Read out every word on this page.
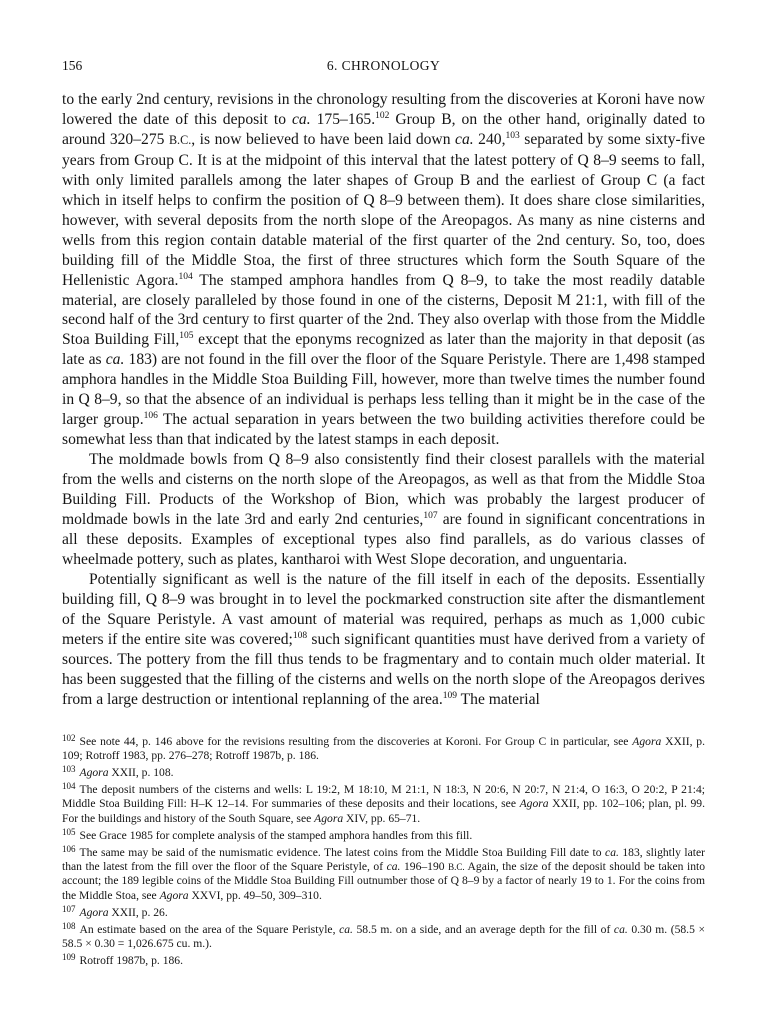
156	6. CHRONOLOGY

to the early 2nd century, revisions in the chronology resulting from the discoveries at Koroni have now lowered the date of this deposit to ca. 175–165.$^{102}$ Group B, on the other hand, originally dated to around 320–275 B.C., is now believed to have been laid down ca. 240,$^{103}$ separated by some sixty-five years from Group C. It is at the midpoint of this interval that the latest pottery of Q 8–9 seems to fall, with only limited parallels among the later shapes of Group B and the earliest of Group C (a fact which in itself helps to confirm the position of Q 8–9 between them). It does share close similarities, however, with several deposits from the north slope of the Areopagos. As many as nine cisterns and wells from this region contain datable material of the first quarter of the 2nd century. So, too, does building fill of the Middle Stoa, the first of three structures which form the South Square of the Hellenistic Agora.$^{104}$ The stamped amphora handles from Q 8–9, to take the most readily datable material, are closely paralleled by those found in one of the cisterns, Deposit M 21:1, with fill of the second half of the 3rd century to first quarter of the 2nd. They also overlap with those from the Middle Stoa Building Fill,$^{105}$ except that the eponyms recognized as later than the majority in that deposit (as late as ca. 183) are not found in the fill over the floor of the Square Peristyle. There are 1,498 stamped amphora handles in the Middle Stoa Building Fill, however, more than twelve times the number found in Q 8–9, so that the absence of an individual is perhaps less telling than it might be in the case of the larger group.$^{106}$ The actual separation in years between the two building activities therefore could be somewhat less than that indicated by the latest stamps in each deposit.

The moldmade bowls from Q 8–9 also consistently find their closest parallels with the material from the wells and cisterns on the north slope of the Areopagos, as well as that from the Middle Stoa Building Fill. Products of the Workshop of Bion, which was probably the largest producer of moldmade bowls in the late 3rd and early 2nd centuries,$^{107}$ are found in significant concentrations in all these deposits. Examples of exceptional types also find parallels, as do various classes of wheelmade pottery, such as plates, kantharoi with West Slope decoration, and unguentaria.

Potentially significant as well is the nature of the fill itself in each of the deposits. Essentially building fill, Q 8–9 was brought in to level the pockmarked construction site after the dismantlement of the Square Peristyle. A vast amount of material was required, perhaps as much as 1,000 cubic meters if the entire site was covered;$^{108}$ such significant quantities must have derived from a variety of sources. The pottery from the fill thus tends to be fragmentary and to contain much older material. It has been suggested that the filling of the cisterns and wells on the north slope of the Areopagos derives from a large destruction or intentional replanning of the area.$^{109}$ The material

$^{102}$ See note 44, p. 146 above for the revisions resulting from the discoveries at Koroni. For Group C in particular, see Agora XXII, p. 109; Rotroff 1983, pp. 276–278; Rotroff 1987b, p. 186.
$^{103}$ Agora XXII, p. 108.
$^{104}$ The deposit numbers of the cisterns and wells: L 19:2, M 18:10, M 21:1, N 18:3, N 20:6, N 20:7, N 21:4, O 16:3, O 20:2, P 21:4; Middle Stoa Building Fill: H–K 12–14. For summaries of these deposits and their locations, see Agora XXII, pp. 102–106; plan, pl. 99. For the buildings and history of the South Square, see Agora XIV, pp. 65–71.
$^{105}$ See Grace 1985 for complete analysis of the stamped amphora handles from this fill.
$^{106}$ The same may be said of the numismatic evidence. The latest coins from the Middle Stoa Building Fill date to ca. 183, slightly later than the latest from the fill over the floor of the Square Peristyle, of ca. 196–190 B.C. Again, the size of the deposit should be taken into account; the 189 legible coins of the Middle Stoa Building Fill outnumber those of Q 8–9 by a factor of nearly 19 to 1. For the coins from the Middle Stoa, see Agora XXVI, pp. 49–50, 309–310.
$^{107}$ Agora XXII, p. 26.
$^{108}$ An estimate based on the area of the Square Peristyle, ca. 58.5 m. on a side, and an average depth for the fill of ca. 0.30 m. (58.5 × 58.5 × 0.30 = 1,026.675 cu. m.).
$^{109}$ Rotroff 1987b, p. 186.
